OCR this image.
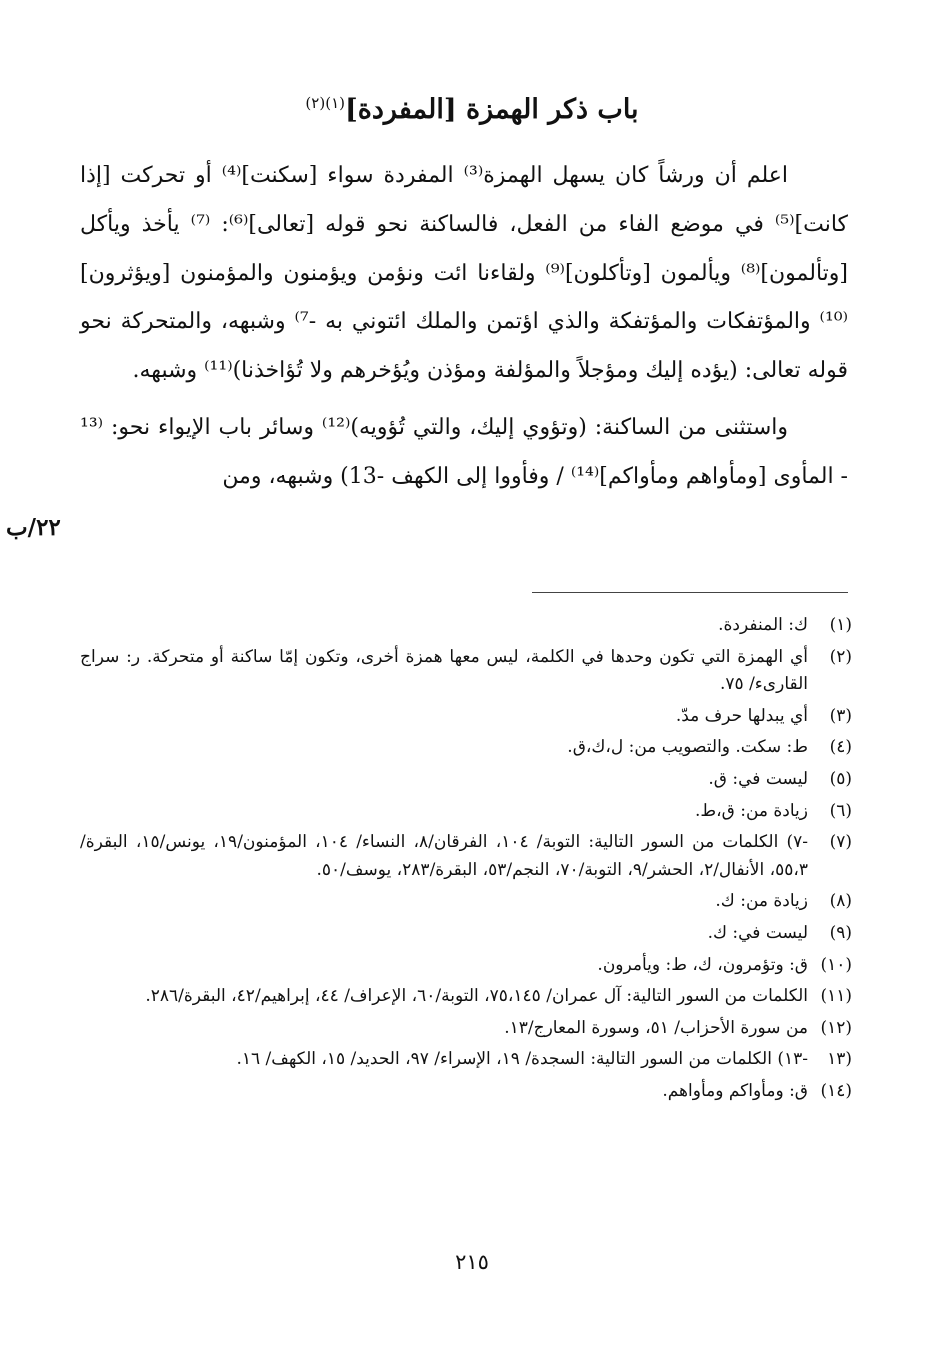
باب ذكر الهمزة [المفردة]$^{(١)(٢)}$

اعلم أن ورشاً كان يسهل الهمزة⁽³⁾ المفردة سواء [سكنت]⁽⁴⁾ أو تحركت [إذا كانت]⁽⁵⁾ في موضع الفاء من الفعل، فالساكنة نحو قوله [تعالى]⁽⁶⁾: ⁽⁷⁾ يأخذ ويأكل [وتألمون]⁽⁸⁾ ويألمون [وتأكلون]⁽⁹⁾ ولقاءنا ائت ونؤمن ويؤمنون والمؤمنون [ويؤثرون]⁽¹⁰⁾ والمؤتفكات والمؤتفكة والذي اؤتمن والملك ائتوني به -⁷⁾ وشبهه، والمتحركة نحو قوله تعالى: (يؤده إليك ومؤجلاً والمؤلفة ومؤذن ويُؤخرهم ولا تُؤاخذنا)⁽¹¹⁾ وشبهه.

واستثنى من الساكنة: (وتؤوي إليك، والتي تُؤويه)⁽¹²⁾ وسائر باب الإيواء نحو: ⁽¹³ - المأوى [ومأواهم ومأواكم]⁽¹⁴⁾ / وفأووا إلى الكهف -13) وشبهه، ومن

٢٢/ب
(١)
ك: المنفردة.
(٢)
أي الهمزة التي تكون وحدها في الكلمة، ليس معها همزة أخرى، وتكون إمّا ساكنة أو متحركة. ر: سراج القارىء/ ٧٥.
(٣)
أي يبدلها حرف مدّ.
(٤)
ط: سكت. والتصويب من: ل،ك،ق.
(٥)
ليست في: ق.
(٦)
زيادة من: ق،ط.
(٧)
-٧) الكلمات من السور التالية: التوبة/ ١٠٤، الفرقان/٨، النساء/ ١٠٤، المؤمنون/١٩، يونس/١٥، البقرة/٥٥،٣، الأنفال/٢، الحشر/٩، التوبة/٧٠، النجم/٥٣، البقرة/٢٨٣، يوسف/٥٠.
(٨)
زيادة من: ك.
(٩)
ليست في: ك.
(١٠)
ق: وتؤمرون، ك، ط: ويأمرون.
(١١)
الكلمات من السور التالية: آل عمران/ ٧٥،١٤٥، التوبة/٦٠، الإعراف/ ٤٤، إبراهيم/٤٢، البقرة/٢٨٦.
(١٢)
من سورة الأحزاب/ ٥١، وسورة المعارج/١٣.
(١٣
-١٣) الكلمات من السور التالية: السجدة/ ١٩، الإسراء/ ٩٧، الحديد/ ١٥، الكهف/ ١٦.
(١٤)
ق: ومأواكم ومأواهم.
٢١٥
